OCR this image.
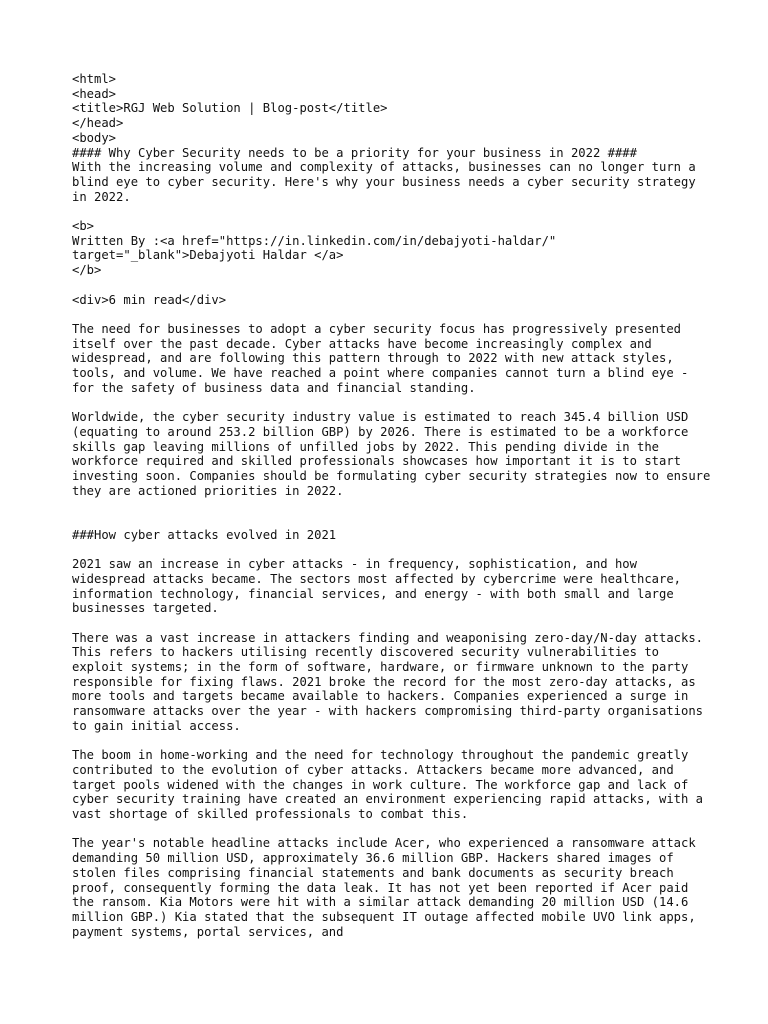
<html>

<head>

<title>RGJ Web Solution | Blog-post</title>

</head>

<body>

#### Why Cyber Security needs to be a priority for your business in 2022 ####

With the increasing volume and complexity of attacks, businesses can no longer turn a blind eye to cyber security. Here's why your business needs a cyber security strategy in 2022.

<b>

Written By :<a href="https://in.linkedin.com/in/debajyoti-haldar/"

target="_blank">Debajyoti Haldar </a>

</b>

<div>6 min read</div>

The need for businesses to adopt a cyber security focus has progressively presented itself over the past decade. Cyber attacks have become increasingly complex and widespread, and are following this pattern through to 2022 with new attack styles, tools, and volume. We have reached a point where companies cannot turn a blind eye - for the safety of business data and financial standing.

Worldwide, the cyber security industry value is estimated to reach 345.4 billion USD (equating to around 253.2 billion GBP) by 2026. There is estimated to be a workforce skills gap leaving millions of unfilled jobs by 2022. This pending divide in the workforce required and skilled professionals showcases how important it is to start investing soon. Companies should be formulating cyber security strategies now to ensure they are actioned priorities in 2022.

###How cyber attacks evolved in 2021

2021 saw an increase in cyber attacks - in frequency, sophistication, and how widespread attacks became. The sectors most affected by cybercrime were healthcare, information technology, financial services, and energy - with both small and large businesses targeted.

There was a vast increase in attackers finding and weaponising zero-day/N-day attacks. This refers to hackers utilising recently discovered security vulnerabilities to exploit systems; in the form of software, hardware, or firmware unknown to the party responsible for fixing flaws. 2021 broke the record for the most zero-day attacks, as more tools and targets became available to hackers. Companies experienced a surge in ransomware attacks over the year - with hackers compromising third-party organisations to gain initial access.

The boom in home-working and the need for technology throughout the pandemic greatly contributed to the evolution of cyber attacks. Attackers became more advanced, and target pools widened with the changes in work culture. The workforce gap and lack of cyber security training have created an environment experiencing rapid attacks, with a vast shortage of skilled professionals to combat this.

The year's notable headline attacks include Acer, who experienced a ransomware attack demanding 50 million USD, approximately 36.6 million GBP. Hackers shared images of stolen files comprising financial statements and bank documents as security breach proof, consequently forming the data leak. It has not yet been reported if Acer paid the ransom. Kia Motors were hit with a similar attack demanding 20 million USD (14.6 million GBP.) Kia stated that the subsequent IT outage affected mobile UVO link apps, payment systems, portal services, and
